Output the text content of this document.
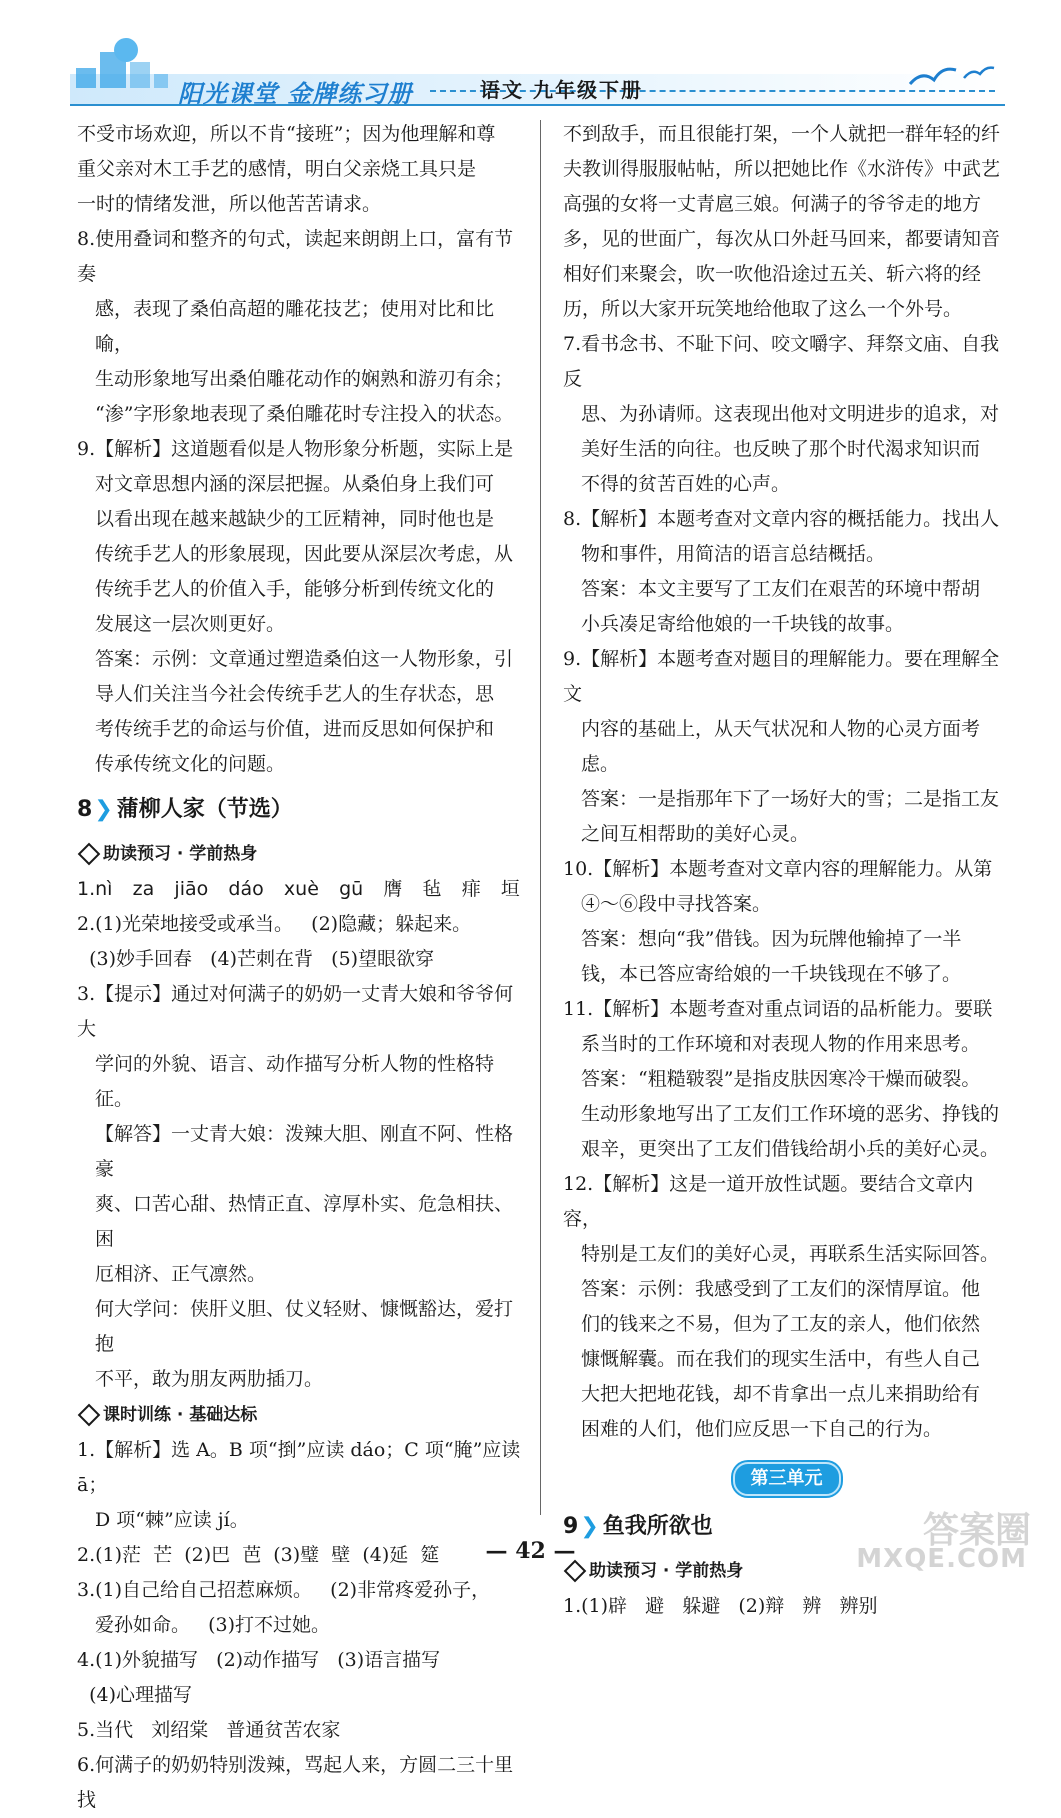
阳光课堂 金牌练习册	语文 九年级下册

不受市场欢迎，所以不肯“接班”；因为他理解和尊

重父亲对木工手艺的感情，明白父亲烧工具只是

一时的情绪发泄，所以他苦苦请求。

8.使用叠词和整齐的句式，读起来朗朗上口，富有节奏

感，表现了桑伯高超的雕花技艺；使用对比和比喻，

生动形象地写出桑伯雕花动作的娴熟和游刃有余；

“渗”字形象地表现了桑伯雕花时专注投入的状态。

9.【解析】这道题看似是人物形象分析题，实际上是

对文章思想内涵的深层把握。从桑伯身上我们可

以看出现在越来越缺少的工匠精神，同时他也是

传统手艺人的形象展现，因此要从深层次考虑，从

传统手艺人的价值入手，能够分析到传统文化的

发展这一层次则更好。

答案：示例：文章通过塑造桑伯这一人物形象，引

导人们关注当今社会传统手艺人的生存状态，思

考传统手艺的命运与价值，进而反思如何保护和

传承传统文化的问题。

8❯ 蒲柳人家（节选）

助读预习 · 学前热身

1.nì za jiāo dáo xuè gū 膺 毡 痱 垣

2.(1)光荣地接受或承当。   (2)隐藏；躲起来。

(3)妙手回春   (4)芒刺在背   (5)望眼欲穿

3.【提示】通过对何满子的奶奶一丈青大娘和爷爷何大

学问的外貌、语言、动作描写分析人物的性格特征。

【解答】一丈青大娘：泼辣大胆、刚直不阿、性格豪

爽、口苦心甜、热情正直、淳厚朴实、危急相扶、困

厄相济、正气凛然。

何大学问：侠肝义胆、仗义轻财、慷慨豁达，爱打抱

不平，敢为朋友两肋插刀。

课时训练 · 基础达标

1.【解析】选 A。B 项“捯”应读 dáo；C 项“腌”应读 ā；

D 项“棘”应读 jí。

2.(1)茫  芒  (2)巴  芭  (3)璧  壁  (4)延  筵

3.(1)自己给自己招惹麻烦。   (2)非常疼爱孙子，

爱孙如命。   (3)打不过她。

4.(1)外貌描写   (2)动作描写   (3)语言描写

(4)心理描写

5.当代   刘绍棠   普通贫苦农家

6.何满子的奶奶特别泼辣，骂起人来，方圆二三十里找

不到敌手，而且很能打架，一个人就把一群年轻的纤

夫教训得服服帖帖，所以把她比作《水浒传》中武艺

高强的女将一丈青扈三娘。何满子的爷爷走的地方

多，见的世面广，每次从口外赶马回来，都要请知音

相好们来聚会，吹一吹他沿途过五关、斩六将的经

历，所以大家开玩笑地给他取了这么一个外号。

7.看书念书、不耻下问、咬文嚼字、拜祭文庙、自我反

思、为孙请师。这表现出他对文明进步的追求，对

美好生活的向往。也反映了那个时代渴求知识而

不得的贫苦百姓的心声。

8.【解析】本题考查对文章内容的概括能力。找出人

物和事件，用简洁的语言总结概括。

答案：本文主要写了工友们在艰苦的环境中帮胡

小兵凑足寄给他娘的一千块钱的故事。

9.【解析】本题考查对题目的理解能力。要在理解全文

内容的基础上，从天气状况和人物的心灵方面考虑。

答案：一是指那年下了一场好大的雪；二是指工友

之间互相帮助的美好心灵。

10.【解析】本题考查对文章内容的理解能力。从第

④～⑥段中寻找答案。

答案：想向“我”借钱。因为玩牌他输掉了一半

钱，本已答应寄给娘的一千块钱现在不够了。

11.【解析】本题考查对重点词语的品析能力。要联

系当时的工作环境和对表现人物的作用来思考。

答案：“粗糙皲裂”是指皮肤因寒冷干燥而破裂。

生动形象地写出了工友们工作环境的恶劣、挣钱的

艰辛，更突出了工友们借钱给胡小兵的美好心灵。

12.【解析】这是一道开放性试题。要结合文章内容，

特别是工友们的美好心灵，再联系生活实际回答。

答案：示例：我感受到了工友们的深情厚谊。他

们的钱来之不易，但为了工友的亲人，他们依然

慷慨解囊。而在我们的现实生活中，有些人自己

大把大把地花钱，却不肯拿出一点儿来捐助给有

困难的人们，他们应反思一下自己的行为。

第三单元

9❯ 鱼我所欲也

助读预习 · 学前热身

1.(1)辟   避   躲避   (2)辩   辨   辨别

— 42 —	答案圈
MXQE.COM
